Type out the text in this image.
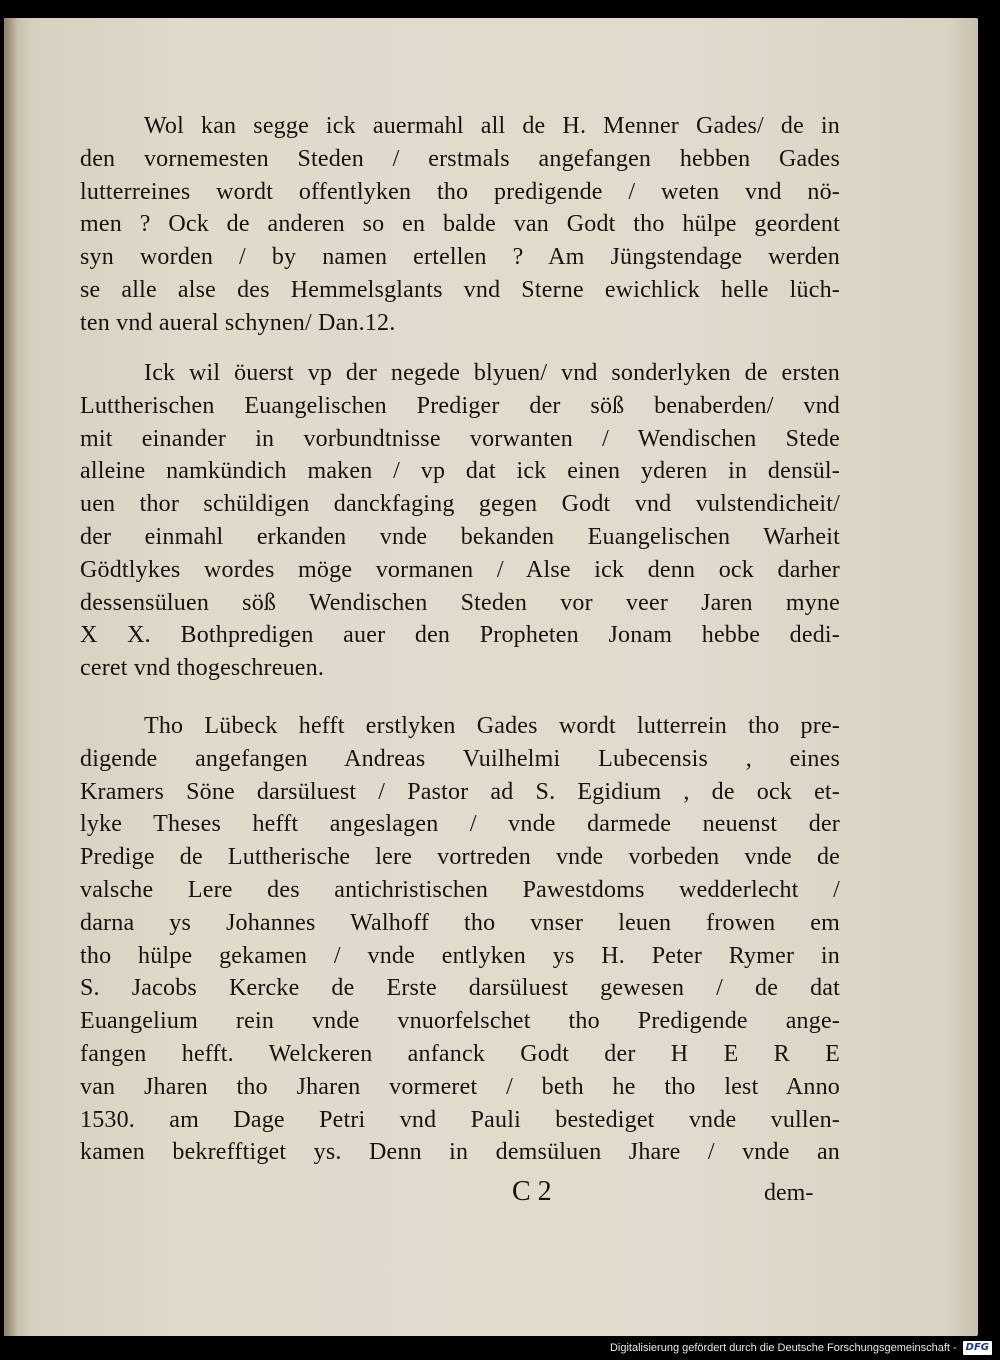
Wol kan segge ick auermahl all de H. Menner Gades/ de in
den vornemesten Steden / erstmals angefangen hebben Gades
lutterreines wordt offentlyken tho predigende / weten vnd nö-
men ? Ock de anderen so en balde van Godt tho hülpe geordent
syn worden / by namen ertellen ? Am Jüngstendage werden
se alle alse des Hemmelsglants vnd Sterne ewichlick helle lüch-
ten vnd aueral schynen/ Dan.12.
Ick wil öuerst vp der negede blyuen/ vnd sonderlyken de ersten
Luttherischen Euangelischen Prediger der söß benaberden/ vnd
mit einander in vorbundtnisse vorwanten / Wendischen Stede
alleine namkündich maken / vp dat ick einen yderen in densül-
uen thor schüldigen danckfaging gegen Godt vnd vulstendicheit/
der einmahl erkanden vnde bekanden Euangelischen Warheit
Gödtlykes wordes möge vormanen / Alse ick denn ock darher
dessensüluen söß Wendischen Steden vor veer Jaren myne
X X. Bothpredigen auer den Propheten Jonam hebbe dedi-
ceret vnd thogeschreuen.
Tho Lübeck hefft erstlyken Gades wordt lutterrein tho pre-
digende angefangen Andreas Vuilhelmi Lubecensis , eines
Kramers Söne darsüluest / Pastor ad S. Egidium , de ock et-
lyke Theses hefft angeslagen / vnde darmede neuenst der
Predige de Luttherische lere vortreden vnde vorbeden vnde de
valsche Lere des antichristischen Pawestdoms wedderlecht /
darna ys Johannes Walhoff tho vnser leuen frowen em
tho hülpe gekamen / vnde entlyken ys H. Peter Rymer in
S. Jacobs Kercke de Erste darsüluest gewesen / de dat
Euangelium rein vnde vnuorfelschet tho Predigende ange-
fangen hefft. Welckeren anfanck Godt der H E R E
van Jharen tho Jharen vormeret / beth he tho lest Anno
1530. am Dage Petri vnd Pauli bestediget vnde vullen-
kamen bekrefftiget ys. Denn in demsüluen Jhare / vnde an
C 2	dem-
Digitalisierung gefördert durch die Deutsche Forschungsgemeinschaft - DFG
